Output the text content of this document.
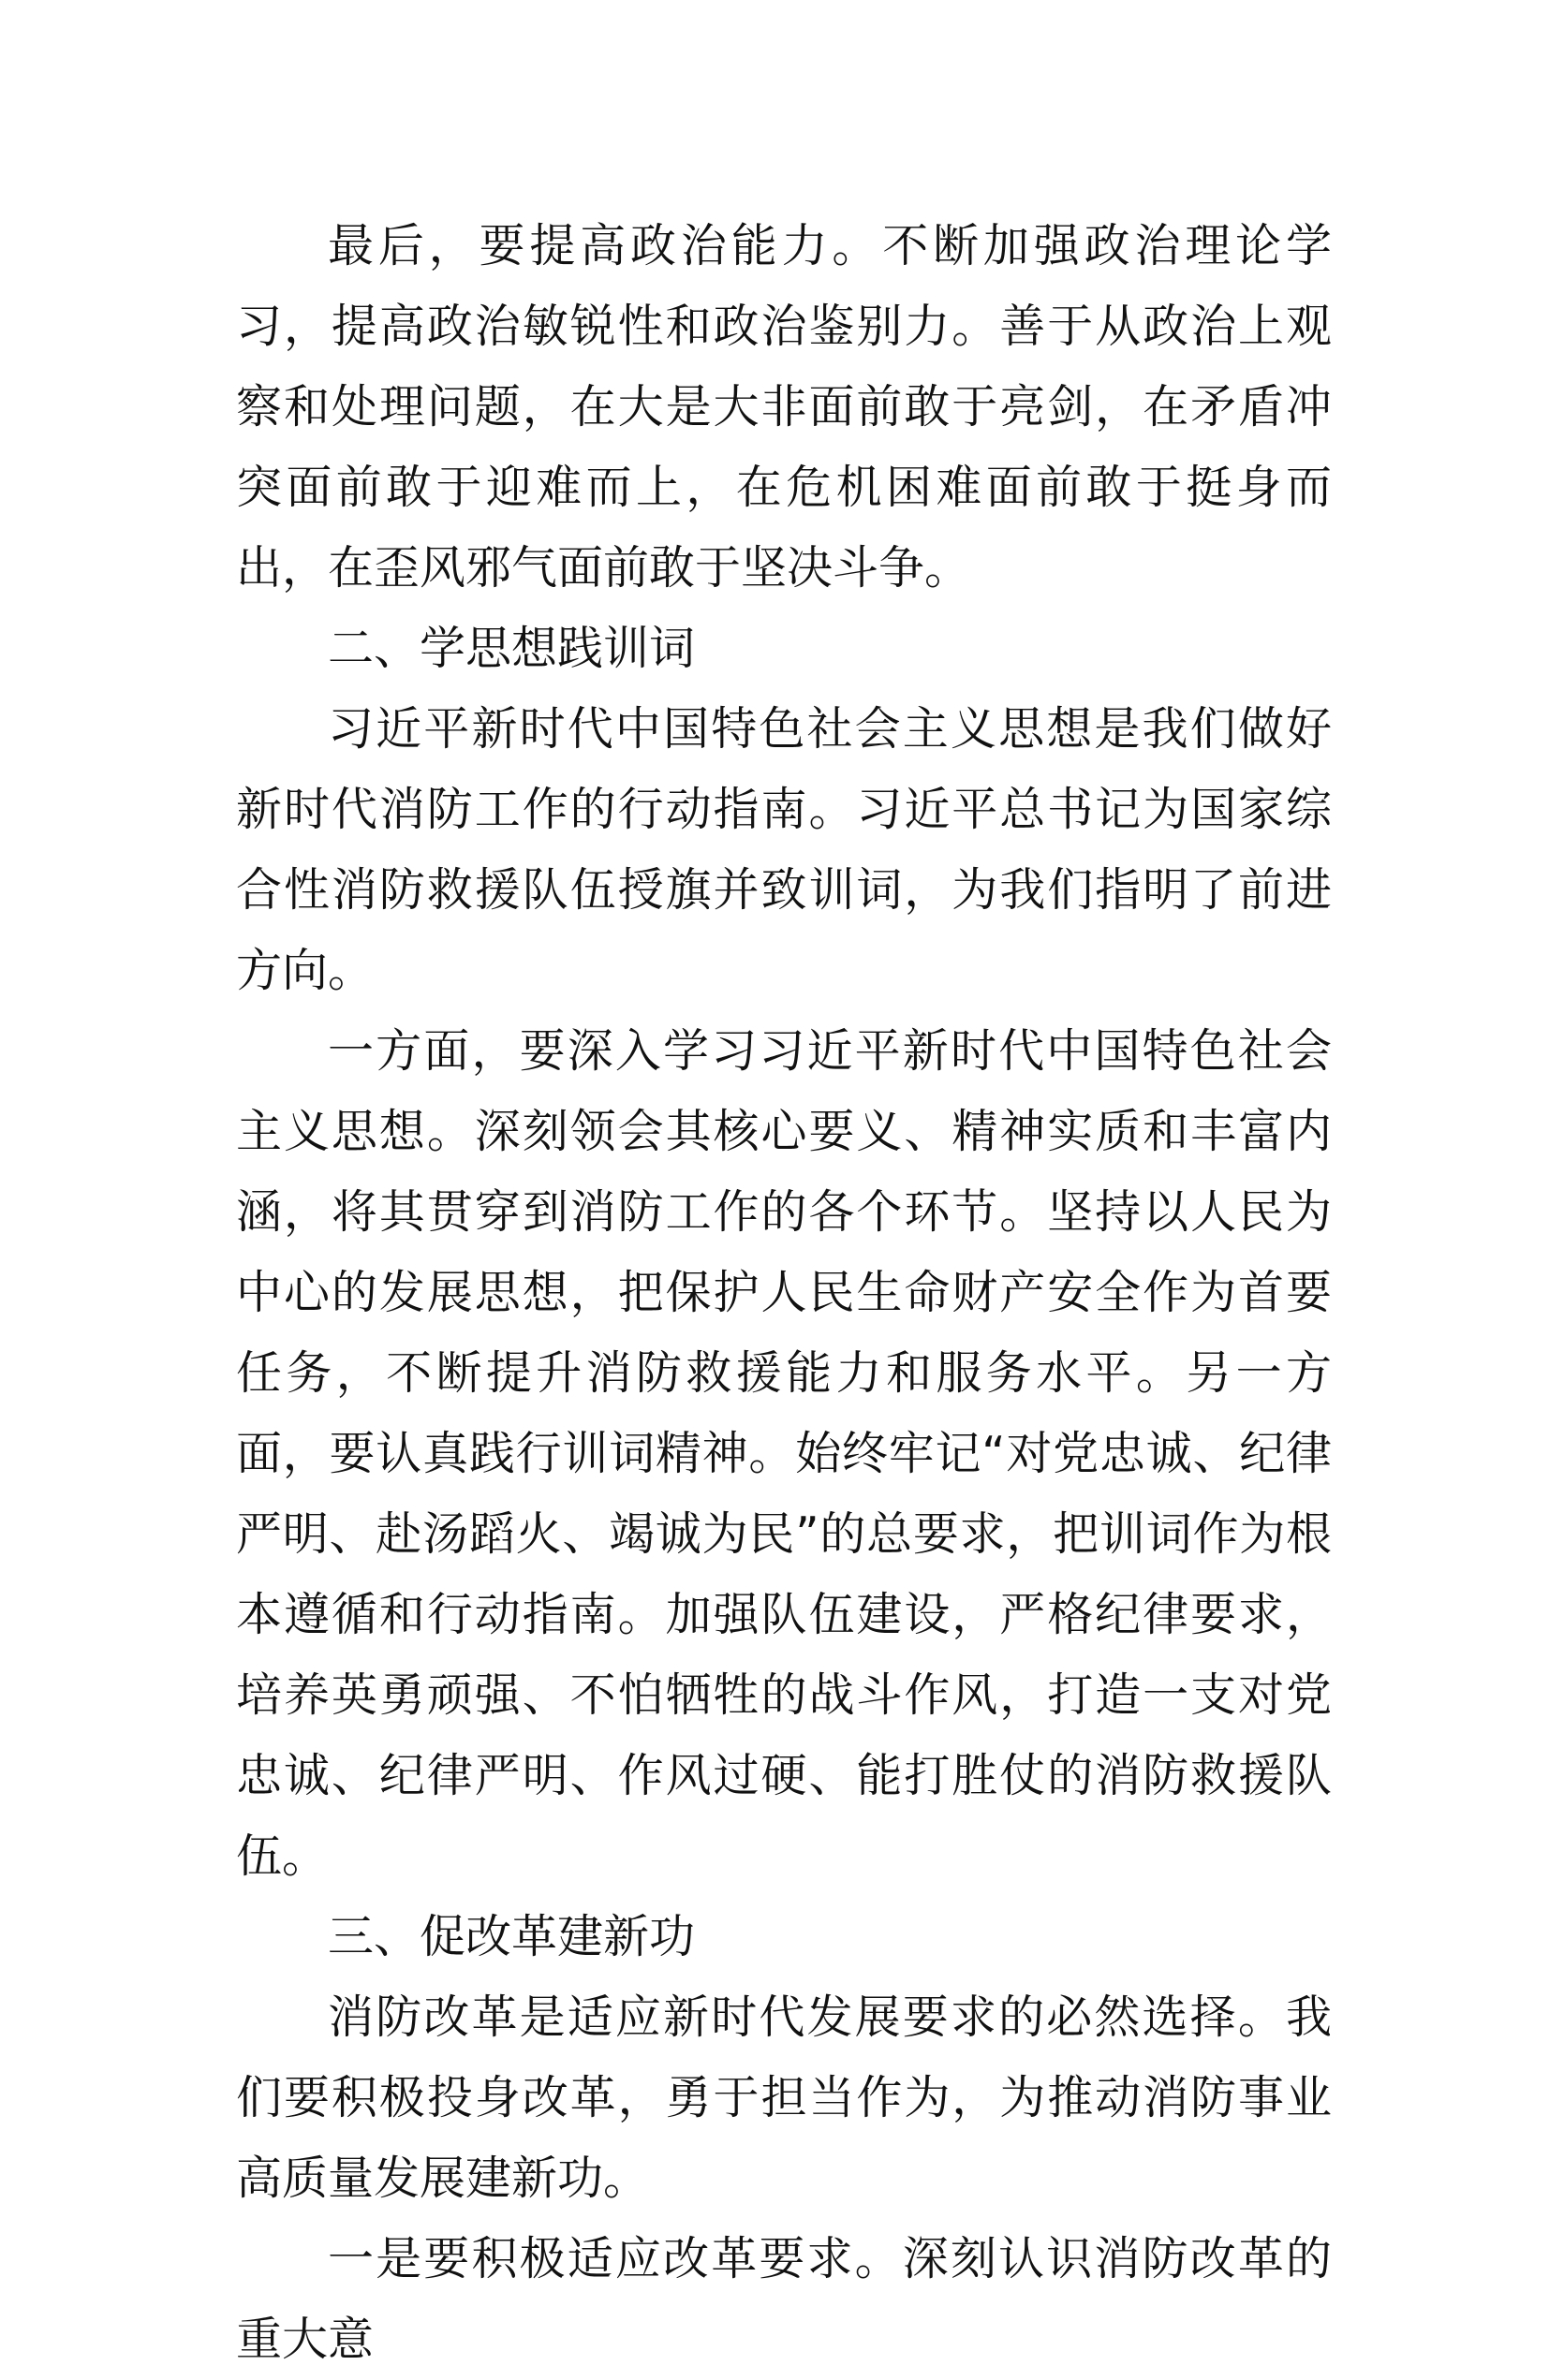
最后，要提高政治能力。不断加强政治理论学习，提高政治敏锐性和政治鉴别力。善于从政治上观察和处理问题，在大是大非面前敢于亮剑，在矛盾冲突面前敢于迎难而上，在危机困难面前敢于挺身而出，在歪风邪气面前敢于坚决斗争。

二、学思想践训词

习近平新时代中国特色社会主义思想是我们做好新时代消防工作的行动指南。习近平总书记为国家综合性消防救援队伍授旗并致训词，为我们指明了前进方向。

一方面，要深入学习习近平新时代中国特色社会主义思想。深刻领会其核心要义、精神实质和丰富内涵，将其贯穿到消防工作的各个环节。坚持以人民为中心的发展思想，把保护人民生命财产安全作为首要任务，不断提升消防救援能力和服务水平。另一方面，要认真践行训词精神。始终牢记“对党忠诚、纪律严明、赴汤蹈火、竭诚为民”的总要求，把训词作为根本遵循和行动指南。加强队伍建设，严格纪律要求，培养英勇顽强、不怕牺牲的战斗作风，打造一支对党忠诚、纪律严明、作风过硬、能打胜仗的消防救援队伍。

三、促改革建新功

消防改革是适应新时代发展要求的必然选择。我们要积极投身改革，勇于担当作为，为推动消防事业高质量发展建新功。

一是要积极适应改革要求。深刻认识消防改革的重大意
